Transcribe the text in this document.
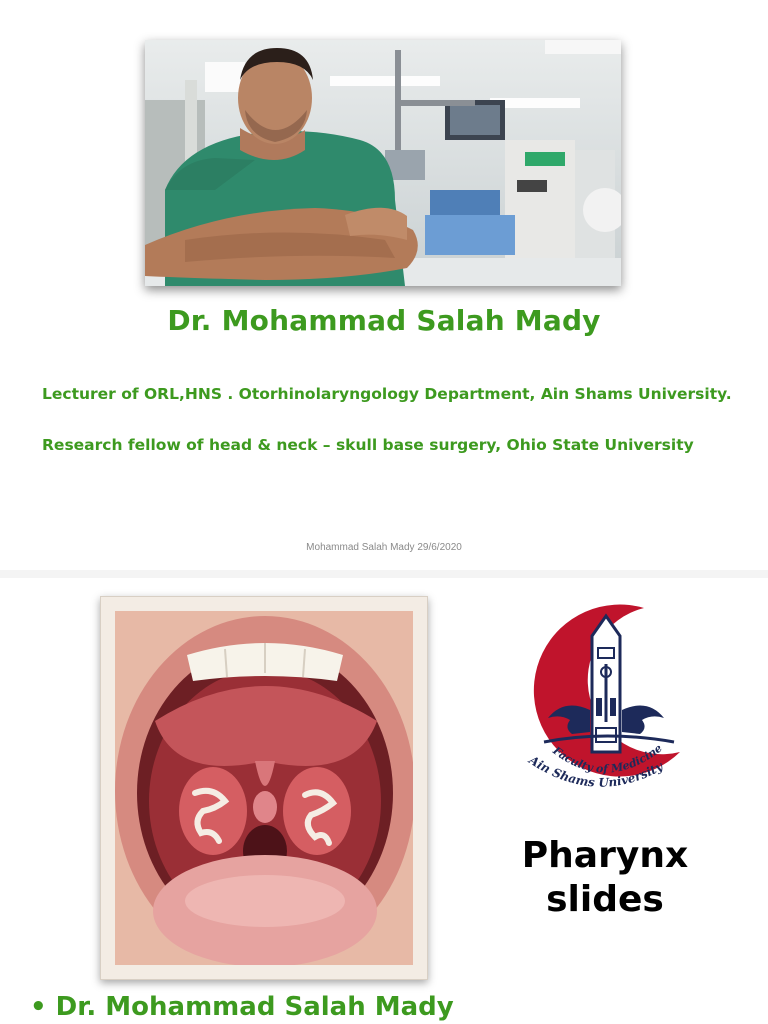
Dr. Mohammad Salah Mady
Lecturer of ORL,HNS . Otorhinolaryngology Department, Ain Shams University.
Research fellow of head & neck – skull base surgery, Ohio State University
Mohammad Salah Mady 29/6/2020
Faculty of Medicine
Ain Shams University
Pharynx
slides
• Dr. Mohammad Salah Mady
